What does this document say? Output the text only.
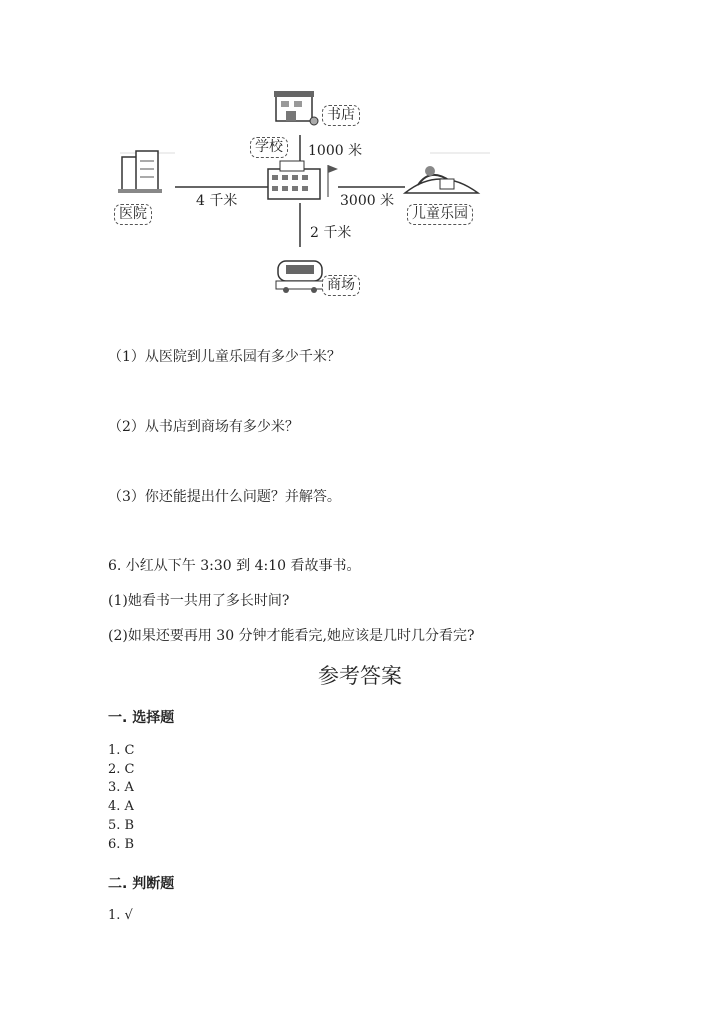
书店
学校
医院	儿童乐园
商场
1000 米
4 千米	3000 米
2 千米
（1）从医院到儿童乐园有多少千米？
（2）从书店到商场有多少米？
（3）你还能提出什么问题？并解答。
6. 小红从下午 3:30 到 4:10 看故事书。
(1)她看书一共用了多长时间?
(2)如果还要再用 30 分钟才能看完,她应该是几时几分看完?
参考答案
一. 选择题
1. C
2. C
3. A
4. A
5. B
6. B
二. 判断题
1. √
